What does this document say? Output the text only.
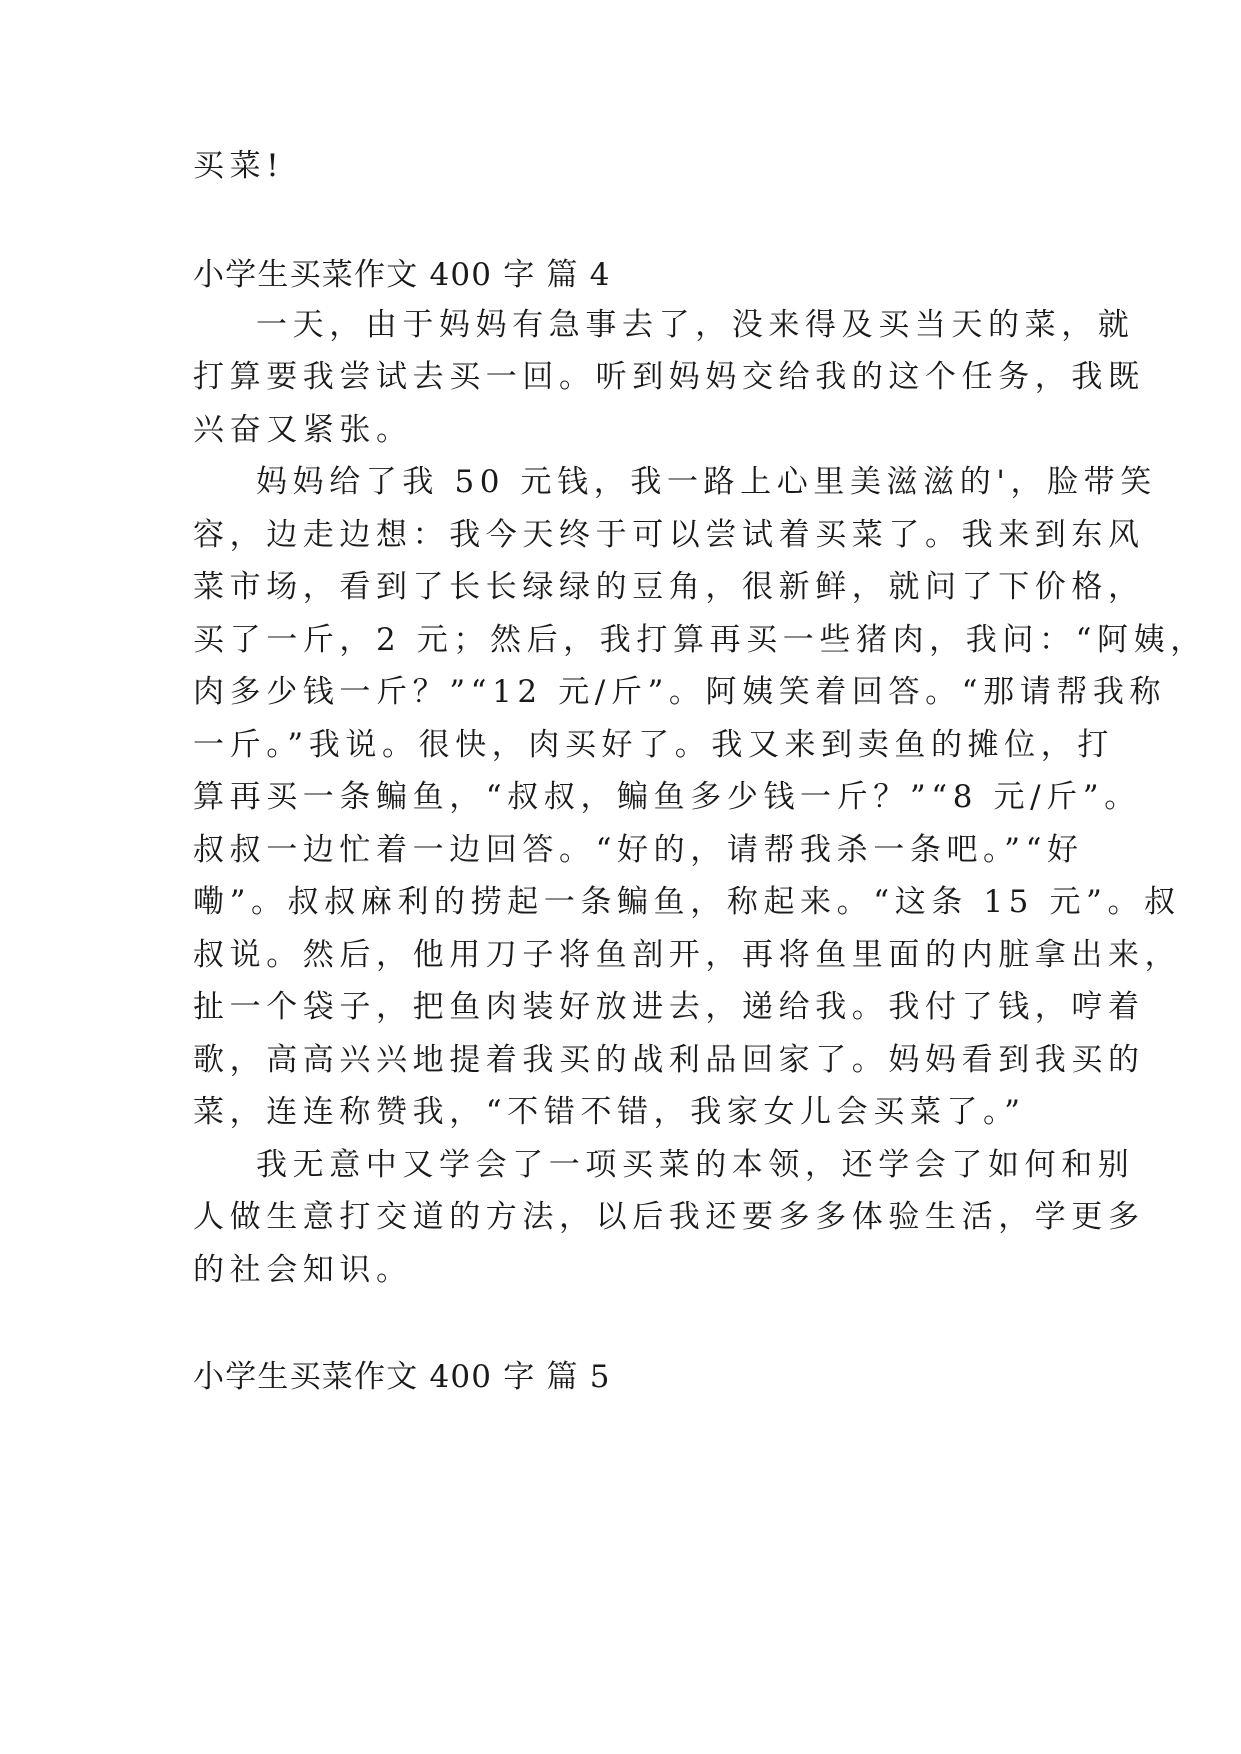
买菜!
小学生买菜作文 400 字 篇 4
一天，由于妈妈有急事去了，没来得及买当天的菜，就
打算要我尝试去买一回。听到妈妈交给我的这个任务，我既
兴奋又紧张。
妈妈给了我 50 元钱，我一路上心里美滋滋的'，脸带笑
容，边走边想：我今天终于可以尝试着买菜了。我来到东风
菜市场，看到了长长绿绿的豆角，很新鲜，就问了下价格，
买了一斤，2 元；然后，我打算再买一些猪肉，我问：“阿姨，
肉多少钱一斤？”“12 元/斤”。阿姨笑着回答。“那请帮我称
一斤。”我说。很快，肉买好了。我又来到卖鱼的摊位，打
算再买一条鳊鱼，“叔叔，鳊鱼多少钱一斤？”“8 元/斤”。
叔叔一边忙着一边回答。“好的，请帮我杀一条吧。”“好
嘞”。叔叔麻利的捞起一条鳊鱼，称起来。“这条 15 元”。叔
叔说。然后，他用刀子将鱼剖开，再将鱼里面的内脏拿出来，
扯一个袋子，把鱼肉装好放进去，递给我。我付了钱，哼着
歌，高高兴兴地提着我买的战利品回家了。妈妈看到我买的
菜，连连称赞我，“不错不错，我家女儿会买菜了。”
我无意中又学会了一项买菜的本领，还学会了如何和别
人做生意打交道的方法，以后我还要多多体验生活，学更多
的社会知识。
小学生买菜作文 400 字 篇 5
